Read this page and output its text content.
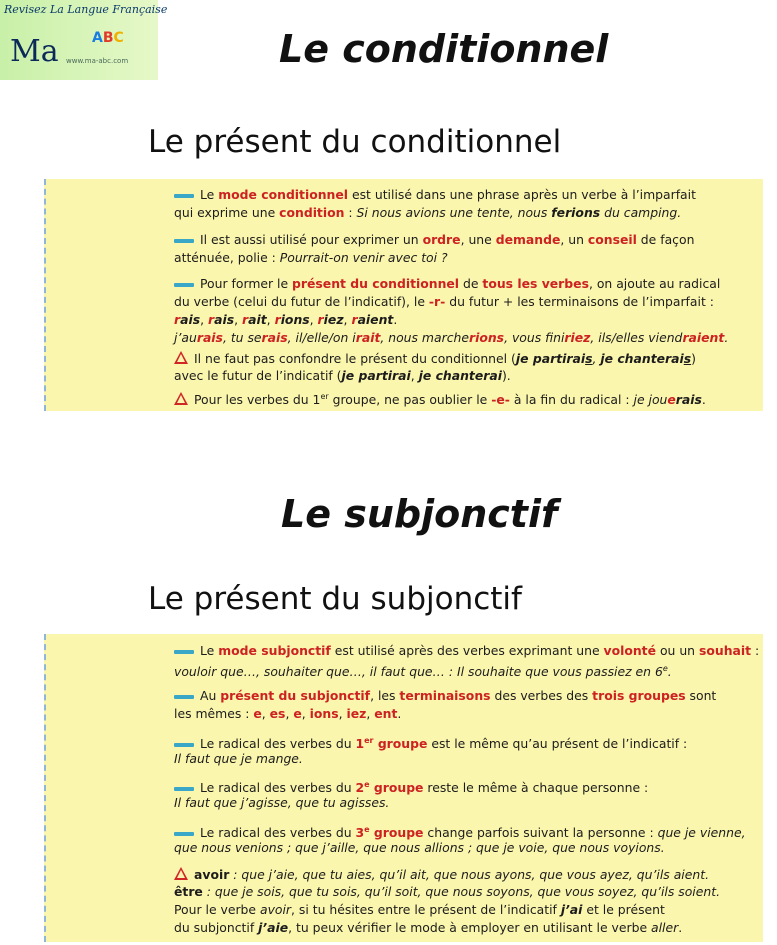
Revisez La Langue Française
Ma ABC
www.ma-abc.com	Le conditionnel
Le présent du conditionnel
Le mode conditionnel est utilisé dans une phrase après un verbe à l’imparfait
qui exprime une condition : Si nous avions une tente, nous ferions du camping.
Il est aussi utilisé pour exprimer un ordre, une demande, un conseil de façon
atténuée, polie : Pourrait-on venir avec toi ?
Pour former le présent du conditionnel de tous les verbes, on ajoute au radical
du verbe (celui du futur de l’indicatif), le -r- du futur + les terminaisons de l’imparfait :
rais, rais, rait, rions, riez, raient.
j’aurais, tu serais, il/elle/on irait, nous marcherions, vous finiriez, ils/elles viendraient.
Il ne faut pas confondre le présent du conditionnel (je partirais, je chanterais)
avec le futur de l’indicatif (je partirai, je chanterai).
Pour les verbes du 1er groupe, ne pas oublier le -e- à la fin du radical : je jouerais.
Le subjonctif
Le présent du subjonctif
Le mode subjonctif est utilisé après des verbes exprimant une volonté ou un souhait :
vouloir que…, souhaiter que…, il faut que… : Il souhaite que vous passiez en 6e.
Au présent du subjonctif, les terminaisons des verbes des trois groupes sont
les mêmes : e, es, e, ions, iez, ent.
Le radical des verbes du 1er groupe est le même qu’au présent de l’indicatif :
Il faut que je mange.
Le radical des verbes du 2e groupe reste le même à chaque personne :
Il faut que j’agisse, que tu agisses.
Le radical des verbes du 3e groupe change parfois suivant la personne : que je vienne,
que nous venions ; que j’aille, que nous allions ; que je voie, que nous voyions.
avoir : que j’aie, que tu aies, qu’il ait, que nous ayons, que vous ayez, qu’ils aient.
être : que je sois, que tu sois, qu’il soit, que nous soyons, que vous soyez, qu’ils soient.
Pour le verbe avoir, si tu hésites entre le présent de l’indicatif j’ai et le présent
du subjonctif j’aie, tu peux vérifier le mode à employer en utilisant le verbe aller.
